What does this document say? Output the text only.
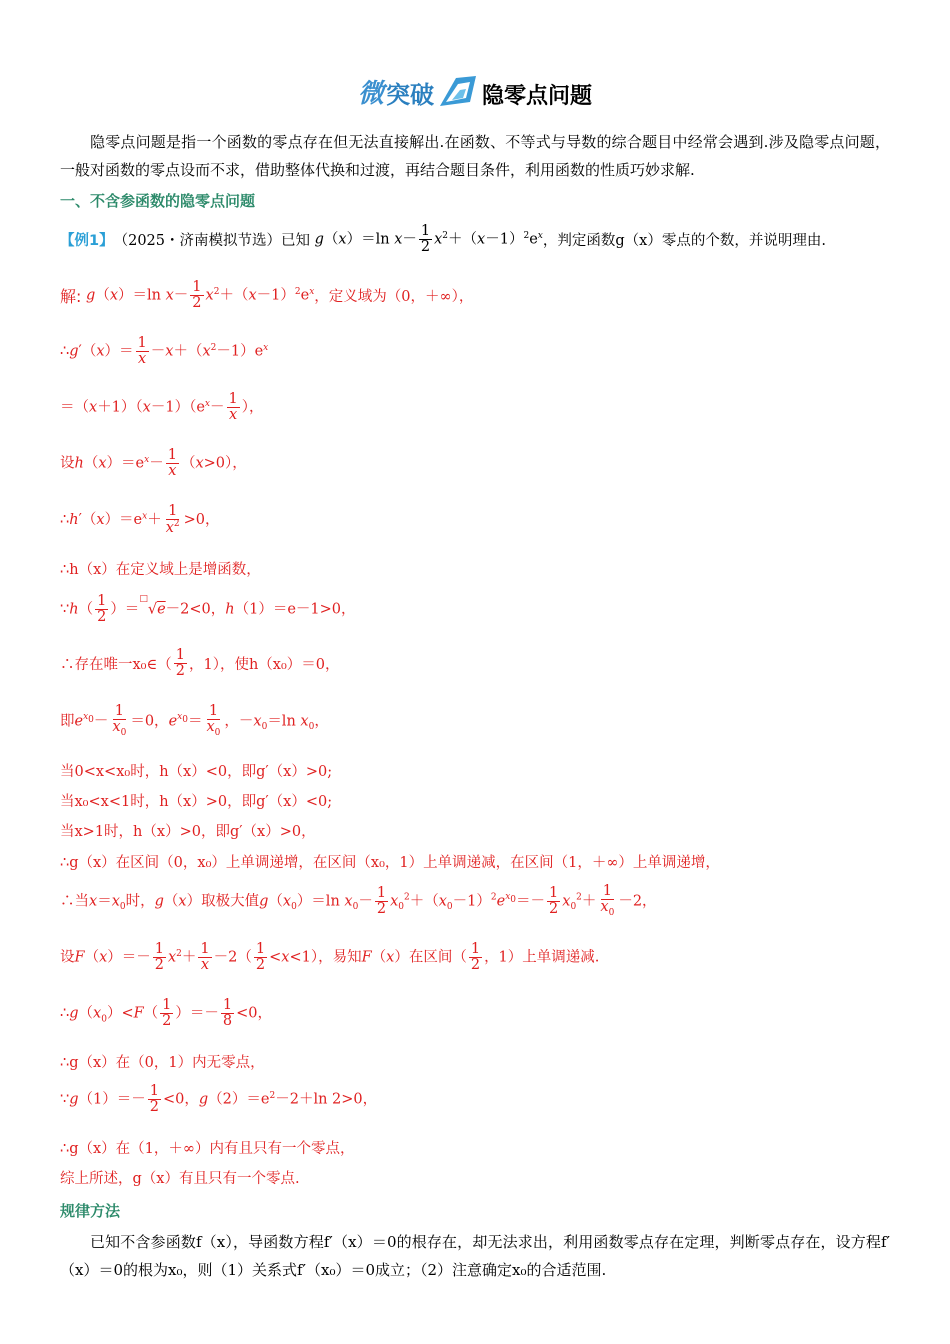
微 突破 隐零点问题
隐零点问题是指一个函数的零点存在但无法直接解出.在函数、不等式与导数的综合题目中经常会遇到.涉及隐零点问题，一般对函数的零点设而不求，借助整体代换和过渡，再结合题目条件，利用函数的性质巧妙求解.
一、不含参函数的隐零点问题
【例1】 （2025・济南模拟节选）已知 g（x）＝ln $x- \frac{1}{2} x^2+(x-1)^2e^x$ ，判定函数g（x）零点的个数，并说明理由.
解: g（x）＝ln $x- \frac{1}{2} x^2+(x-1)^2e^x$ ，定义域为（0，＋∞），
∴g′（x）＝ $\frac{1}{x} -x+(x^2-1)e^x$
$=(x+1)(x-1)(e^x- \frac{1}{x}$ ），
设$h(x)=e^x- \frac{1}{x} (x>0)$，
$\therefore h'(x)=e^x+ \frac{1}{x^2} >0$，
∴h（x）在定义域上是增函数，
∵h（ $\frac{1}{2} )=^□√e-2<0$，h（1）＝e－1>0，
∴存在唯一x₀∈（ $\frac{1}{2}$ ，1），使h（x₀）＝0，
即$e^{x_0}- \frac{1}{x_0} =0$，$e^{x_0}= \frac{1}{x_0}$ ，$-x_0=\ln$ $x_0$，
当0<x<x₀时，h（x）<0，即g′（x）>0;
当x₀<x<1时，h（x）>0，即g′（x）<0;
当x>1时，h（x）>0，即g′（x）>0，
∴g（x）在区间（0，x₀）上单调递增，在区间（x₀，1）上单调递减，在区间（1，＋∞）上单调递增，
∴当$x=x_0$时，g（x）取极大值$g(x_0)=\ln$ $x_0- \frac{1}{2} x_0^2+(x_0-1)^2e^{x_0}=- \frac{1}{2} x_0^2+ \frac{1}{x_0} -2$，
设$F(x)=- \frac{1}{2} x^2+ \frac{1}{x} -2( \frac{1}{2} <x<1)$，易知F（x）在区间（ $\frac{1}{2}$ ，1）上单调递减.
$\therefore g(x_0)<F( \frac{1}{2}$ ）＝－ $\frac{1}{8} <0$，
∴g（x）在（0，1）内无零点，
∵g（1）＝－ $\frac{1}{2} <0$，$g(2)=e^2-2+\ln$ 2>0，
∴g（x）在（1，＋∞）内有且只有一个零点，
综上所述，g（x）有且只有一个零点.
规律方法
已知不含参函数f（x），导函数方程f′（x）＝0的根存在，却无法求出，利用函数零点存在定理，判断零点存在，设方程f′（x）＝0的根为x₀，则（1）关系式f′（x₀）＝0成立；（2）注意确定x₀的合适范围.
